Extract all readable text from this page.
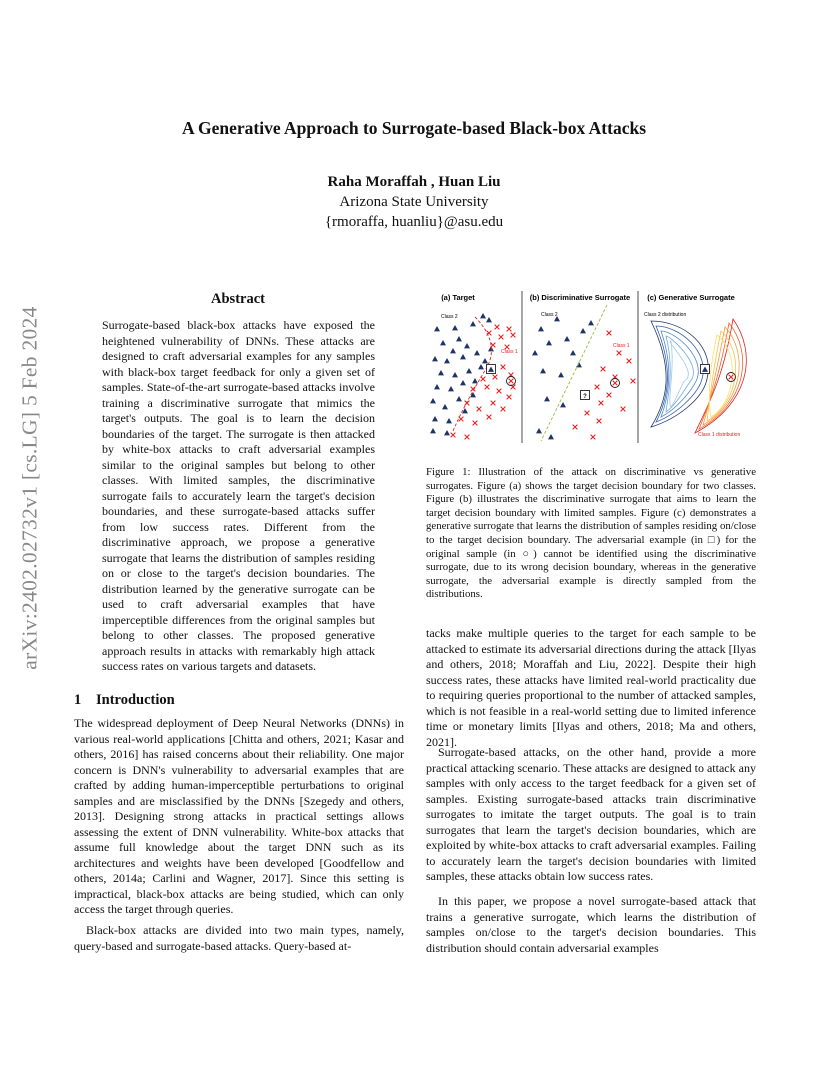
A Generative Approach to Surrogate-based Black-box Attacks
Raha Moraffah , Huan Liu
Arizona State University
{rmoraffa, huanliu}@asu.edu
arXiv:2402.02732v1 [cs.LG] 5 Feb 2024
Abstract
Surrogate-based black-box attacks have exposed the heightened vulnerability of DNNs. These attacks are designed to craft adversarial examples for any samples with black-box target feedback for only a given set of samples. State-of-the-art surrogate-based attacks involve training a discriminative surrogate that mimics the target's outputs. The goal is to learn the decision boundaries of the target. The surrogate is then attacked by white-box attacks to craft adversarial examples similar to the original samples but belong to other classes. With limited samples, the discriminative surrogate fails to accurately learn the target's decision boundaries, and these surrogate-based attacks suffer from low success rates. Different from the discriminative approach, we propose a generative surrogate that learns the distribution of samples residing on or close to the target's decision boundaries. The distribution learned by the generative surrogate can be used to craft adversarial examples that have imperceptible differences from the original samples but belong to other classes. The proposed generative approach results in attacks with remarkably high attack success rates on various targets and datasets.
1 Introduction
The widespread deployment of Deep Neural Networks (DNNs) in various real-world applications [Chitta and others, 2021; Kasar and others, 2016] has raised concerns about their reliability. One major concern is DNN's vulnerability to adversarial examples that are crafted by adding human-imperceptible perturbations to original samples and are misclassified by the DNNs [Szegedy and others, 2013]. Designing strong attacks in practical settings allows assessing the extent of DNN vulnerability. White-box attacks that assume full knowledge about the target DNN such as its architectures and weights have been developed [Goodfellow and others, 2014a; Carlini and Wagner, 2017]. Since this setting is impractical, black-box attacks are being studied, which can only access the target through queries.
Black-box attacks are divided into two main types, namely, query-based and surrogate-based attacks. Query-based at-
(a) Target	(b) Discriminative Surrogate (c) Generative Surrogate
Class 2
Class 1
Class 2
Class 1
Class 2 distribution
Class 1 distribution
?
Figure 1: Illustration of the attack on discriminative vs generative surrogates. Figure (a) shows the target decision boundary for two classes. Figure (b) illustrates the discriminative surrogate that aims to learn the target decision boundary with limited samples. Figure (c) demonstrates a generative surrogate that learns the distribution of samples residing on/close to the target decision boundary. The adversarial example (in □) for the original sample (in ○) cannot be identified using the discriminative surrogate, due to its wrong decision boundary, whereas in the generative surrogate, the adversarial example is directly sampled from the distributions.
tacks make multiple queries to the target for each sample to be attacked to estimate its adversarial directions during the attack [Ilyas and others, 2018; Moraffah and Liu, 2022]. Despite their high success rates, these attacks have limited real-world practicality due to requiring queries proportional to the number of attacked samples, which is not feasible in a real-world setting due to limited inference time or monetary limits [Ilyas and others, 2018; Ma and others, 2021].
Surrogate-based attacks, on the other hand, provide a more practical attacking scenario. These attacks are designed to attack any samples with only access to the target feedback for a given set of samples. Existing surrogate-based attacks train discriminative surrogates to imitate the target outputs. The goal is to train surrogates that learn the target's decision boundaries, which are exploited by white-box attacks to craft adversarial examples. Failing to accurately learn the target's decision boundaries with limited samples, these attacks obtain low success rates.
In this paper, we propose a novel surrogate-based attack that trains a generative surrogate, which learns the distribution of samples on/close to the target's decision boundaries. This distribution should contain adversarial examples
